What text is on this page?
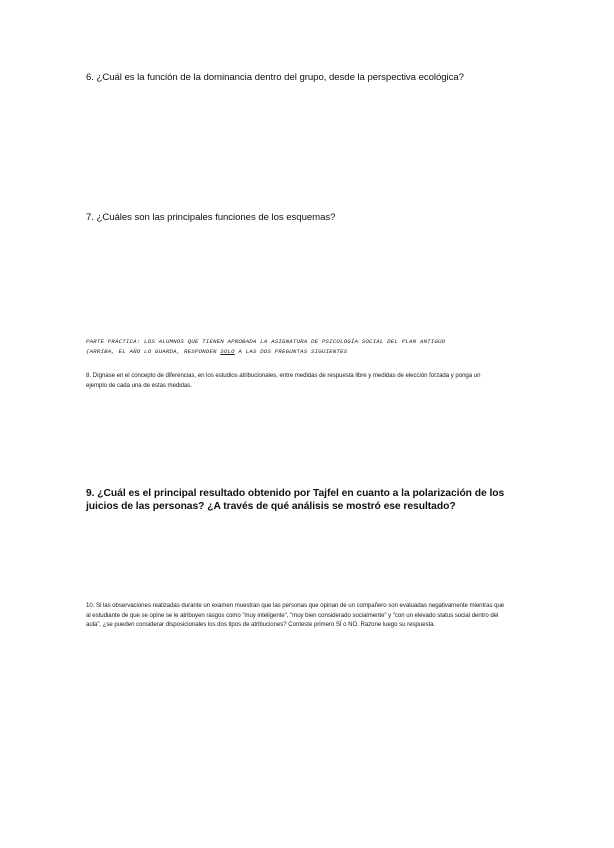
6. ¿Cuál es la función de la dominancia dentro del grupo, desde la perspectiva ecológica?

7. ¿Cuáles son las principales funciones de los esquemas?

PARTE PRACTICA: LOS ALUMNOS QUE TIENEN APROBADA LA ASIGNATURA DE PSICOLOGÍA SOCIAL DEL PLAN ANTIGUO

(ARRIBA, EL AÑO LO GUARDA, RESPONDEN SOLO A LAS DOS PREGUNTAS SIGUIENTES

8. Dígnase en el concepto de diferencias, en los estudios atribucionales, entre medidas de respuesta libre y medidas de elección forzada y ponga un ejemplo de cada una de estas medidas.

9. ¿Cuál es el principal resultado obtenido por Tajfel en cuanto a la polarización de los juicios de las personas? ¿A través de qué análisis se mostró ese resultado?

10. Si las observaciones realizadas durante un examen muestran que las personas que opinan de un compañero son evaluadas negativamente mientras que al estudiante de que se opine se le atribuyen rasgos como "muy inteligente", "muy bien considerado socialmente" y "con un elevado status social dentro del aula", ¿se pueden considerar disposicionales los dos tipos de atribuciones? Conteste primero SÍ o NO. Razone luego su respuesta.
